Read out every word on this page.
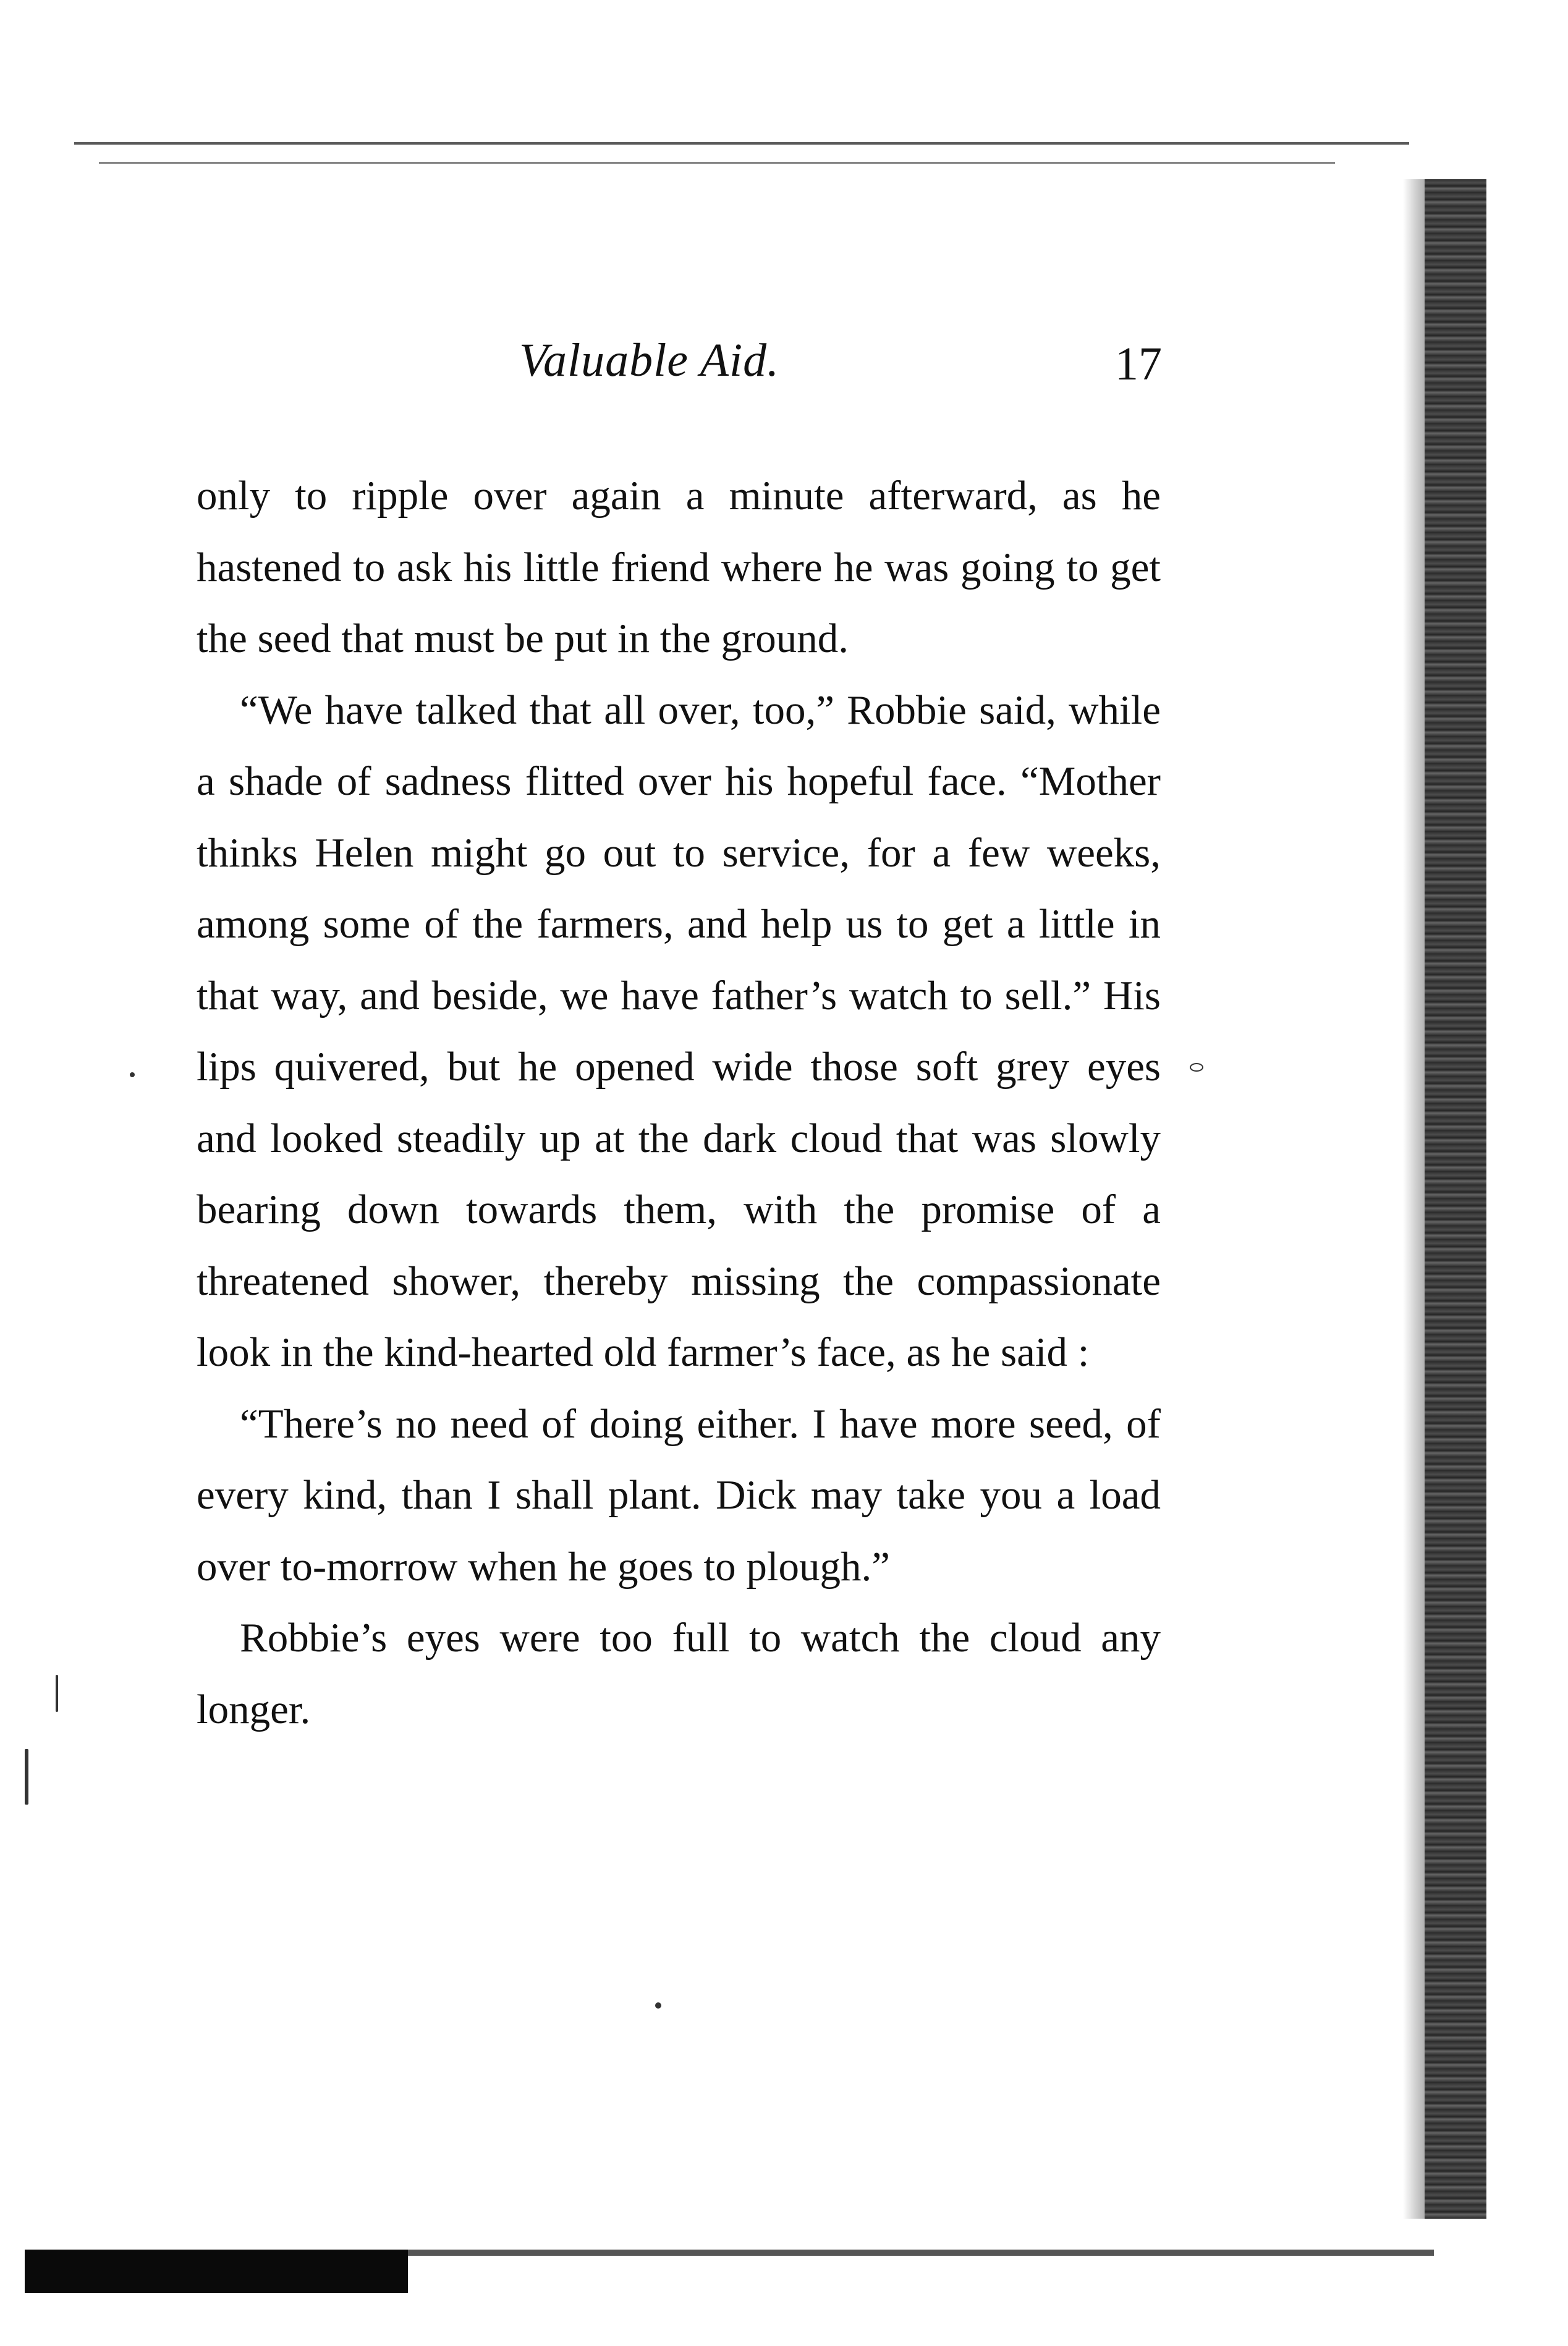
Valuable Aid.	17

only to ripple over again a minute afterward, as he hastened to ask his little friend where he was going to get the seed that must be put in the ground.

“We have talked that all over, too,” Robbie said, while a shade of sadness flitted over his hopeful face. “Mother thinks Helen might go out to service, for a few weeks, among some of the farmers, and help us to get a little in that way, and beside, we have father’s watch to sell.” His lips quivered, but he opened wide those soft grey eyes and looked steadily up at the dark cloud that was slowly bearing down towards them, with the promise of a threatened shower, thereby missing the compassionate look in the kind-hearted old farmer’s face, as he said :

“There’s no need of doing either. I have more seed, of every kind, than I shall plant. Dick may take you a load over to-morrow when he goes to plough.”

Robbie’s eyes were too full to watch the cloud any longer.
